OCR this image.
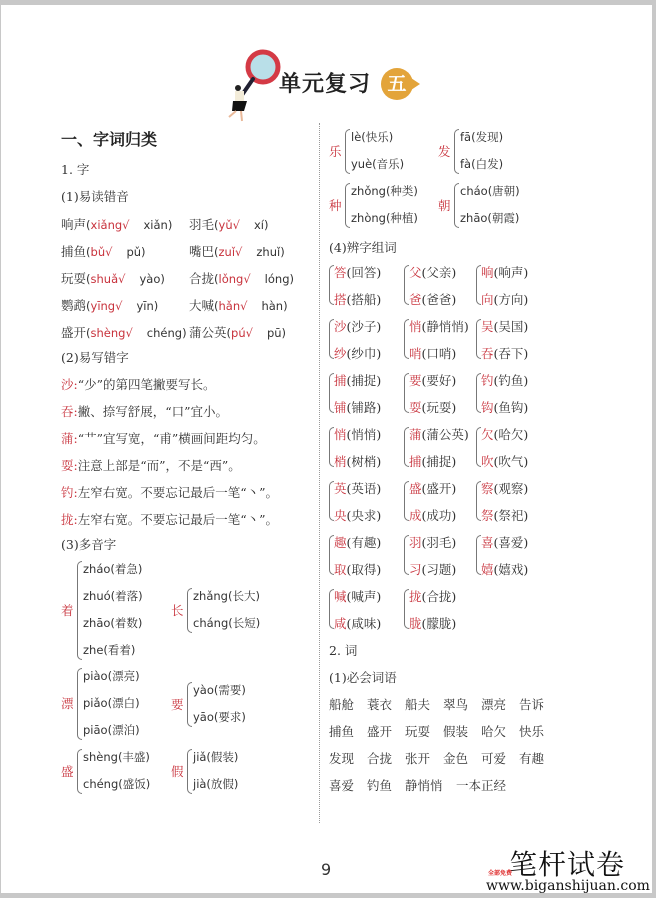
单元复习 五
一、字词归类
1. 字
(1)易读错音
响声(xiǎng√ xiǎn) 羽毛(yǔ√ xí)
捕鱼(bǔ√ pǔ)	嘴巴(zuǐ√ zhuǐ)
玩耍(shuǎ√ yào) 合拢(lǒng√ lóng)
鹦鹉(yīng√ yīn) 大喊(hǎn√ hàn)
盛开(shèng√ chéng) 蒲公英(pú√ pū)
(2)易写错字
沙:“少”的第四笔撇要写长。
吞:撇、捺写舒展，“口”宜小。
蒲:“艹”宜写宽，“甫”横画间距均匀。
耍:注意上部是“而”，不是“西”。
钓:左窄右宽。不要忘记最后一笔“丶”。
拢:左窄右宽。不要忘记最后一笔“丶”。
(3)多音字
着
zháo(着急)
zhuó(着落)
zhāo(着数)
zhe(看着)
长
zhǎng(长大)
cháng(长短)
漂
piào(漂亮)
piǎo(漂白)
piāo(漂泊)
要
yào(需要)
yāo(要求)
盛
shèng(丰盛)
chéng(盛饭)
假
jiǎ(假装)
jià(放假)
乐
lè(快乐)
yuè(音乐)
发
fā(发现)
fà(白发)
种
zhǒng(种类)
zhòng(种植)
朝
cháo(唐朝)
zhāo(朝霞)
(4)辨字组词
答(回答)
搭(搭船)
父(父亲)
爸(爸爸)
响(响声)
向(方向)
沙(沙子)
纱(纱巾)
悄(静悄悄)
哨(口哨)
吴(吴国)
吞(吞下)
捕(捕捉)
铺(铺路)
要(要好)
耍(玩耍)
钓(钓鱼)
钩(鱼钩)
悄(悄悄)
梢(树梢)
蒲(蒲公英)
捕(捕捉)
欠(哈欠)
吹(吹气)
英(英语)
央(央求)
盛(盛开)
成(成功)
察(观察)
祭(祭祀)
趣(有趣)
取(取得)
羽(羽毛)
习(习题)
喜(喜爱)
嬉(嬉戏)
喊(喊声)
咸(咸味)
拢(合拢)
胧(朦胧)
2. 词
(1)必会词语
船舱 蓑衣 船夫 翠鸟 漂亮 告诉
捕鱼 盛开 玩耍 假装 哈欠 快乐
发现 合拢 张开 金色 可爱 有趣
喜爱 钓鱼 静悄悄 一本正经
9	笔杆试卷
全部免费
www.biganshijuan.com
